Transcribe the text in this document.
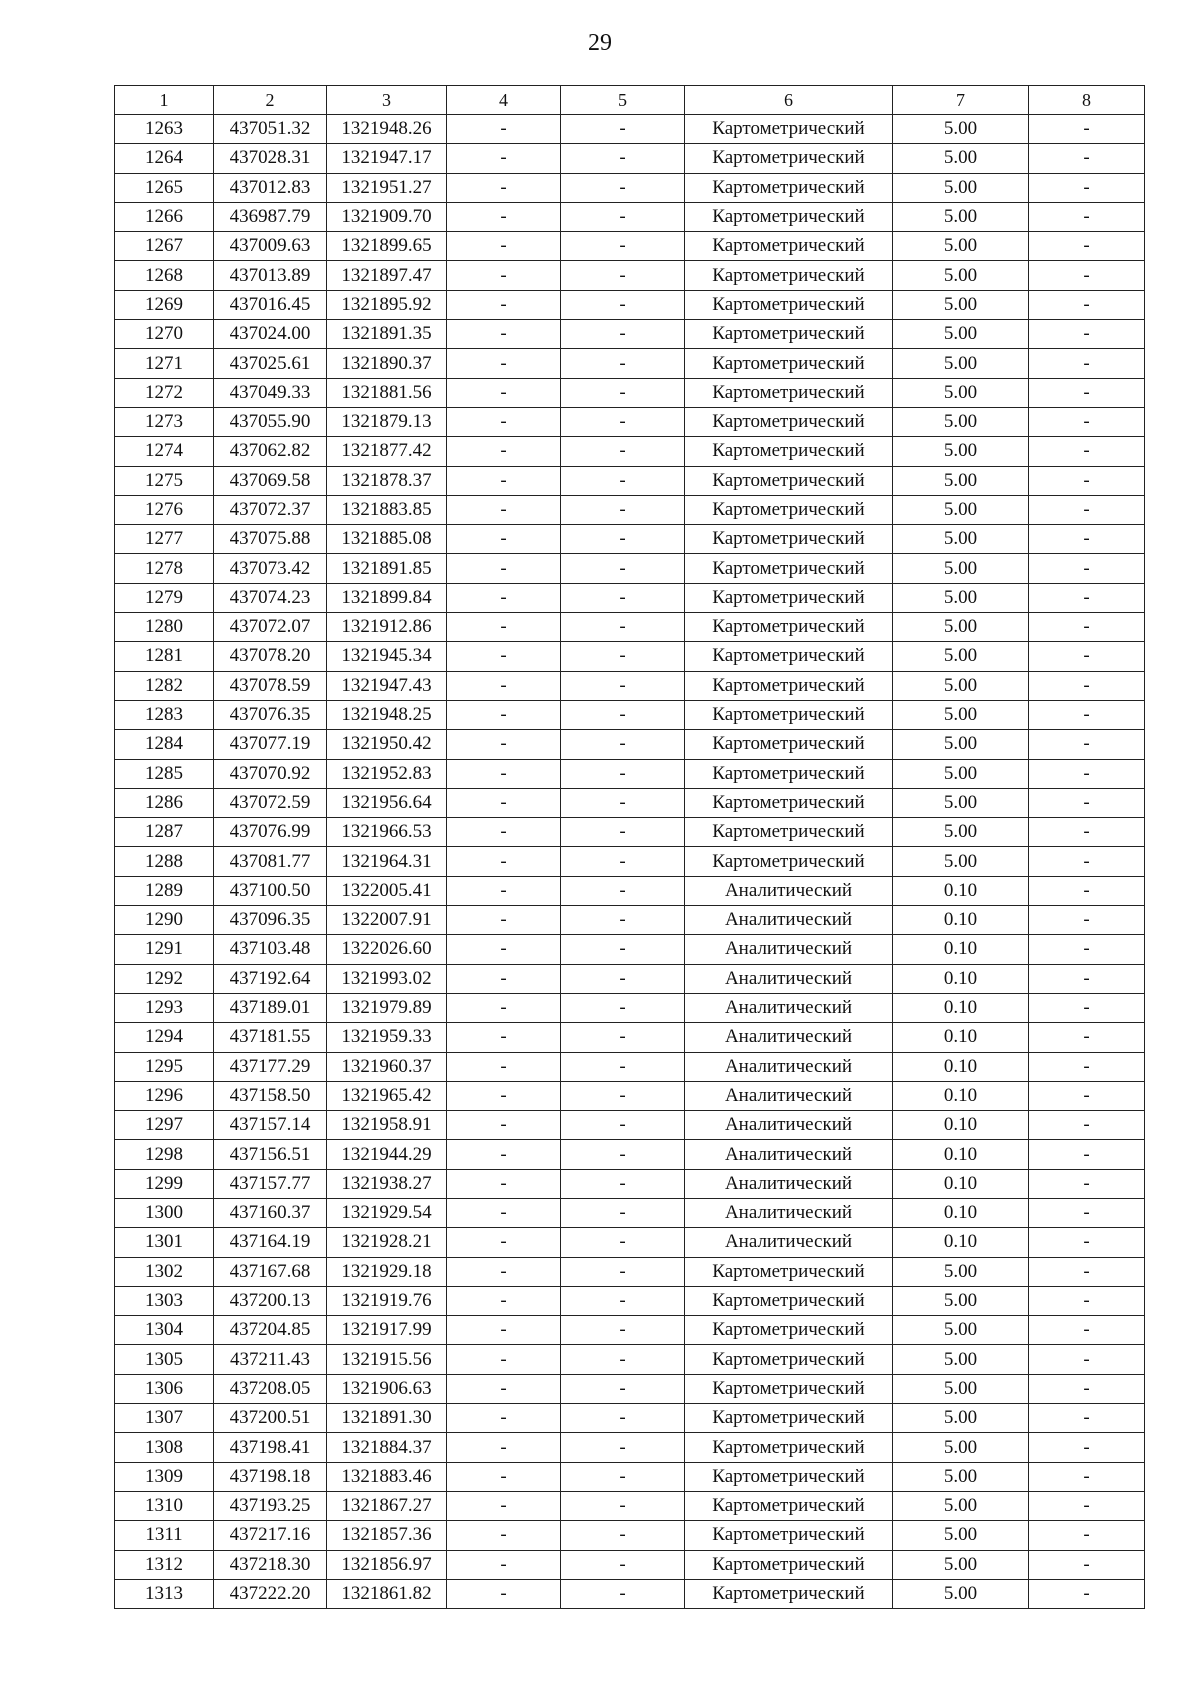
29
1	2	3	4	5	6	7	8
1263	437051.32	1321948.26	-	-	Картометрический	5.00	-
1264	437028.31	1321947.17	-	-	Картометрический	5.00	-
1265	437012.83	1321951.27	-	-	Картометрический	5.00	-
1266	436987.79	1321909.70	-	-	Картометрический	5.00	-
1267	437009.63	1321899.65	-	-	Картометрический	5.00	-
1268	437013.89	1321897.47	-	-	Картометрический	5.00	-
1269	437016.45	1321895.92	-	-	Картометрический	5.00	-
1270	437024.00	1321891.35	-	-	Картометрический	5.00	-
1271	437025.61	1321890.37	-	-	Картометрический	5.00	-
1272	437049.33	1321881.56	-	-	Картометрический	5.00	-
1273	437055.90	1321879.13	-	-	Картометрический	5.00	-
1274	437062.82	1321877.42	-	-	Картометрический	5.00	-
1275	437069.58	1321878.37	-	-	Картометрический	5.00	-
1276	437072.37	1321883.85	-	-	Картометрический	5.00	-
1277	437075.88	1321885.08	-	-	Картометрический	5.00	-
1278	437073.42	1321891.85	-	-	Картометрический	5.00	-
1279	437074.23	1321899.84	-	-	Картометрический	5.00	-
1280	437072.07	1321912.86	-	-	Картометрический	5.00	-
1281	437078.20	1321945.34	-	-	Картометрический	5.00	-
1282	437078.59	1321947.43	-	-	Картометрический	5.00	-
1283	437076.35	1321948.25	-	-	Картометрический	5.00	-
1284	437077.19	1321950.42	-	-	Картометрический	5.00	-
1285	437070.92	1321952.83	-	-	Картометрический	5.00	-
1286	437072.59	1321956.64	-	-	Картометрический	5.00	-
1287	437076.99	1321966.53	-	-	Картометрический	5.00	-
1288	437081.77	1321964.31	-	-	Картометрический	5.00	-
1289	437100.50	1322005.41	-	-	Аналитический	0.10	-
1290	437096.35	1322007.91	-	-	Аналитический	0.10	-
1291	437103.48	1322026.60	-	-	Аналитический	0.10	-
1292	437192.64	1321993.02	-	-	Аналитический	0.10	-
1293	437189.01	1321979.89	-	-	Аналитический	0.10	-
1294	437181.55	1321959.33	-	-	Аналитический	0.10	-
1295	437177.29	1321960.37	-	-	Аналитический	0.10	-
1296	437158.50	1321965.42	-	-	Аналитический	0.10	-
1297	437157.14	1321958.91	-	-	Аналитический	0.10	-
1298	437156.51	1321944.29	-	-	Аналитический	0.10	-
1299	437157.77	1321938.27	-	-	Аналитический	0.10	-
1300	437160.37	1321929.54	-	-	Аналитический	0.10	-
1301	437164.19	1321928.21	-	-	Аналитический	0.10	-
1302	437167.68	1321929.18	-	-	Картометрический	5.00	-
1303	437200.13	1321919.76	-	-	Картометрический	5.00	-
1304	437204.85	1321917.99	-	-	Картометрический	5.00	-
1305	437211.43	1321915.56	-	-	Картометрический	5.00	-
1306	437208.05	1321906.63	-	-	Картометрический	5.00	-
1307	437200.51	1321891.30	-	-	Картометрический	5.00	-
1308	437198.41	1321884.37	-	-	Картометрический	5.00	-
1309	437198.18	1321883.46	-	-	Картометрический	5.00	-
1310	437193.25	1321867.27	-	-	Картометрический	5.00	-
1311	437217.16	1321857.36	-	-	Картометрический	5.00	-
1312	437218.30	1321856.97	-	-	Картометрический	5.00	-
1313	437222.20	1321861.82	-	-	Картометрический	5.00	-
